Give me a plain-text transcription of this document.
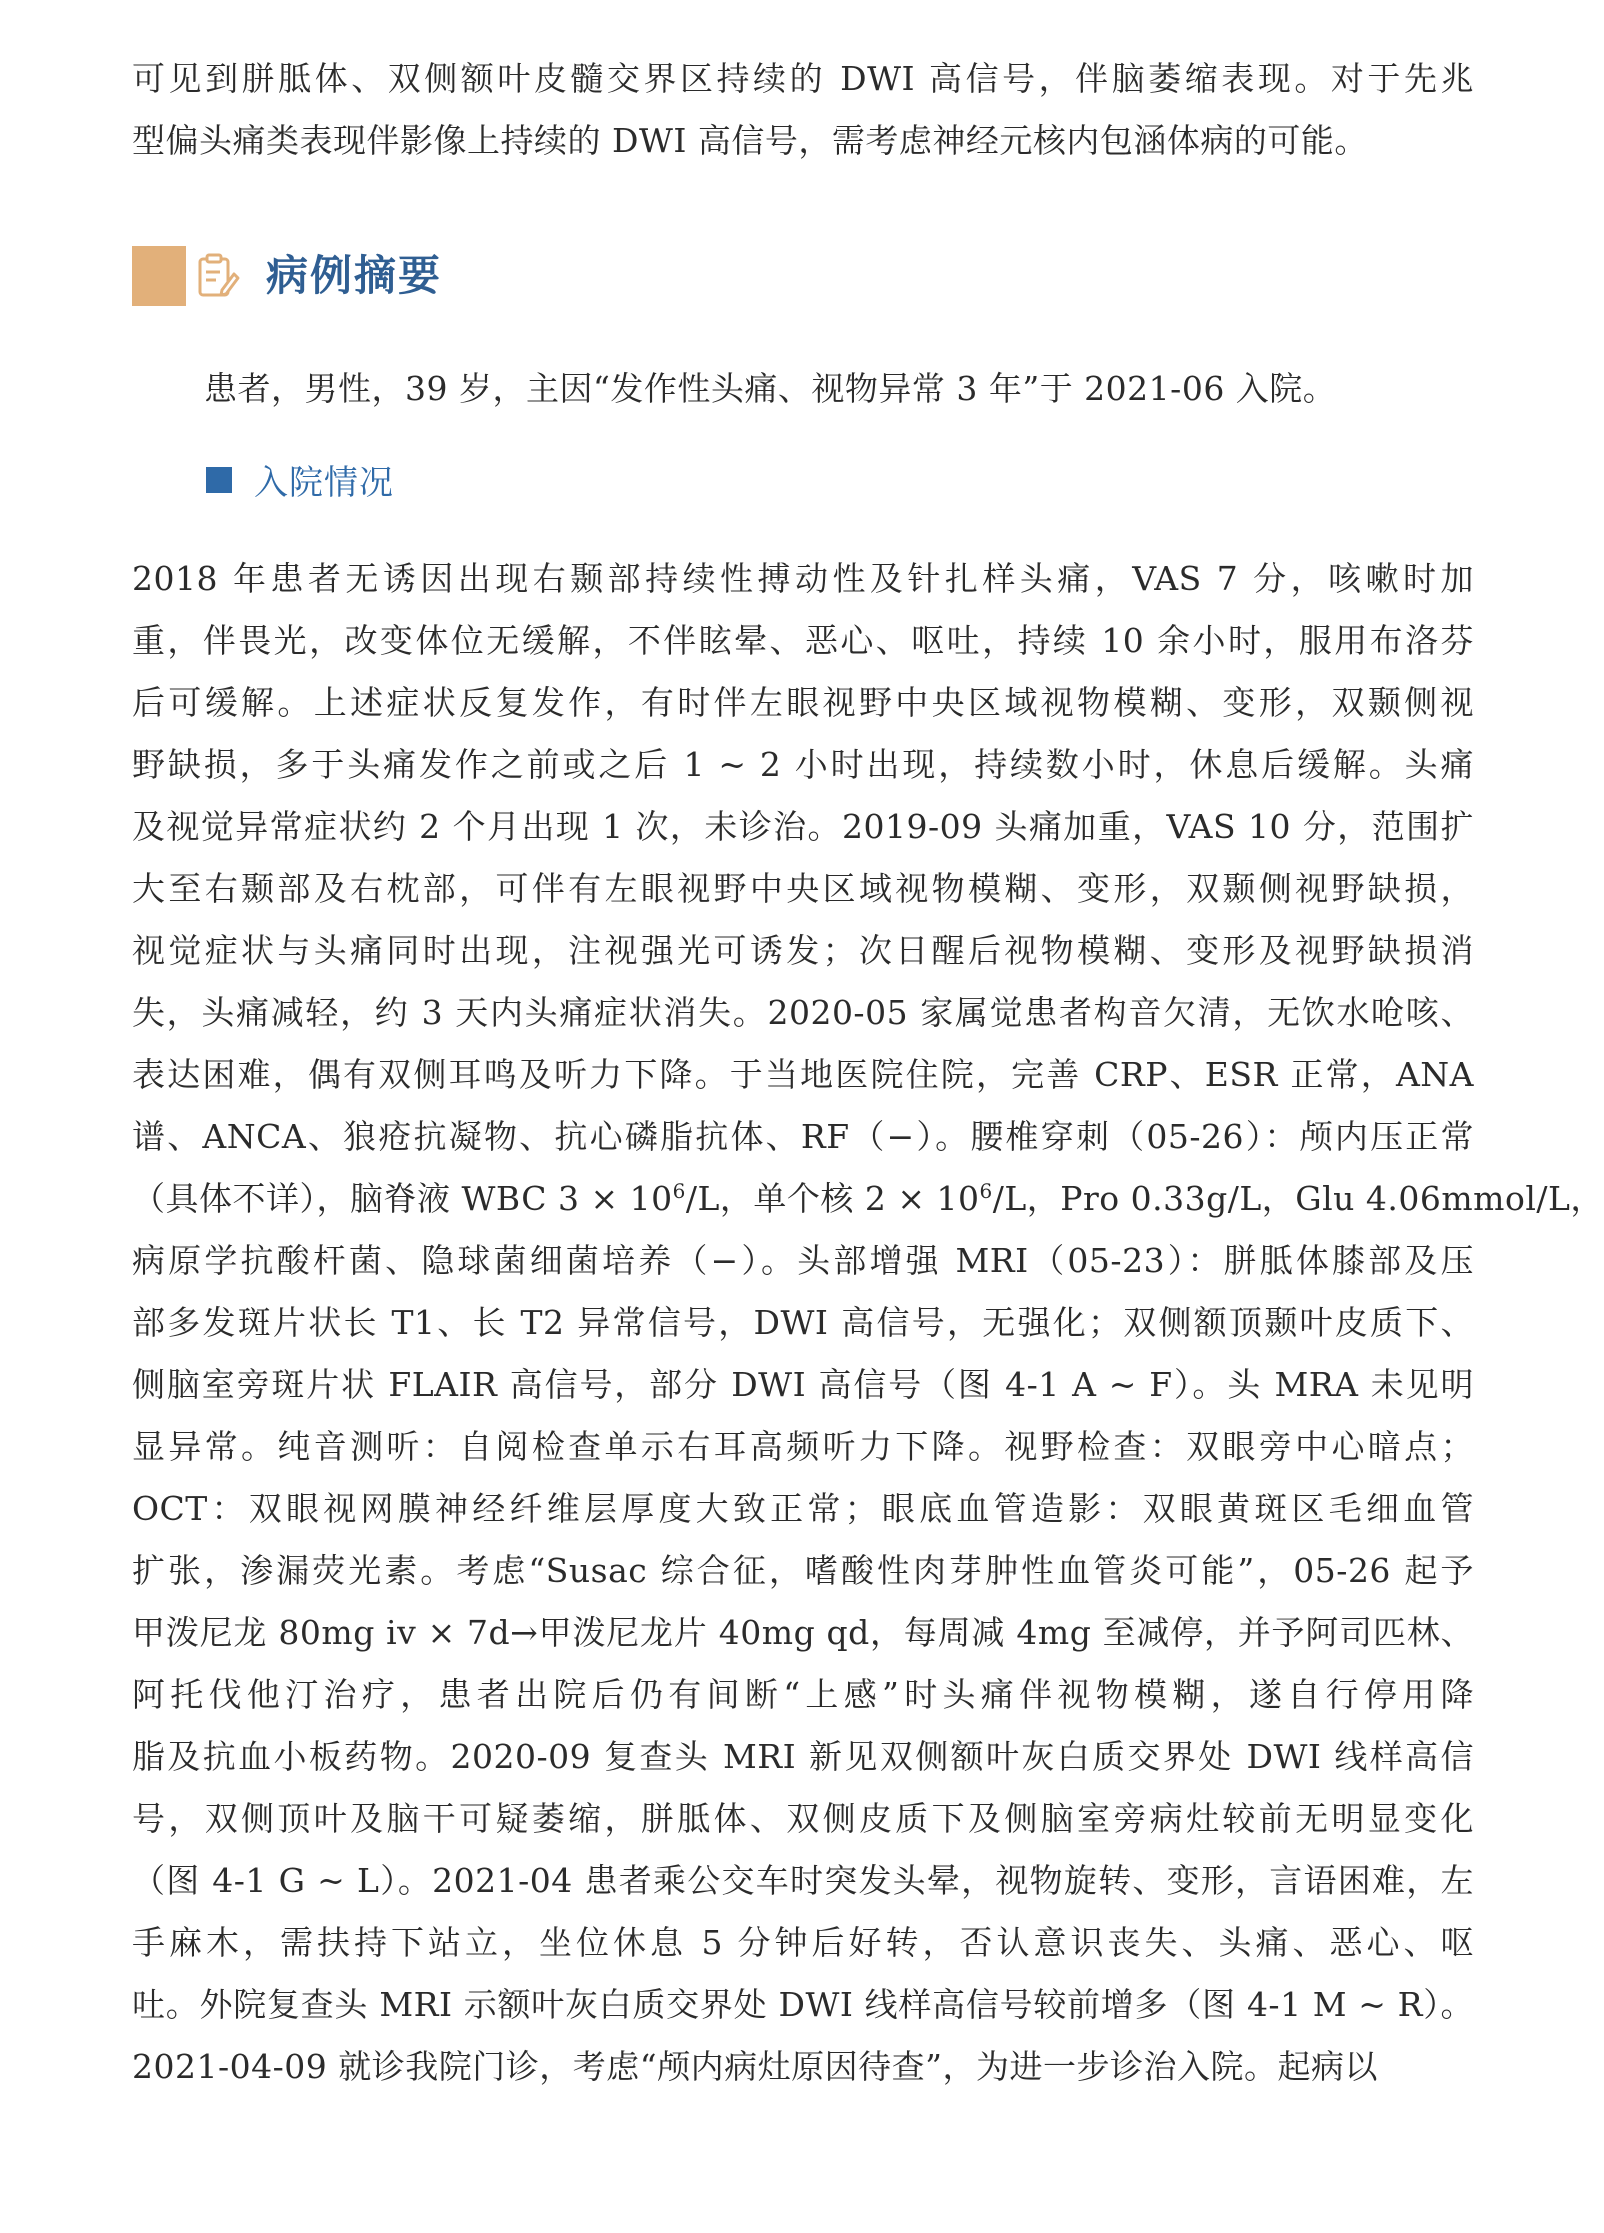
可见到胼胝体、双侧额叶皮髓交界区持续的 DWI 高信号，伴脑萎缩表现。对于先兆
型偏头痛类表现伴影像上持续的 DWI 高信号，需考虑神经元核内包涵体病的可能。
病例摘要

患者，男性，39 岁，主因“发作性头痛、视物异常 3 年”于 2021-06 入院。

入院情况
2018 年患者无诱因出现右颞部持续性搏动性及针扎样头痛，VAS 7 分，咳嗽时加
重，伴畏光，改变体位无缓解，不伴眩晕、恶心、呕吐，持续 10 余小时，服用布洛芬
后可缓解。上述症状反复发作，有时伴左眼视野中央区域视物模糊、变形，双颞侧视
野缺损，多于头痛发作之前或之后 1 ~ 2 小时出现，持续数小时，休息后缓解。头痛
及视觉异常症状约 2 个月出现 1 次，未诊治。2019-09 头痛加重，VAS 10 分，范围扩
大至右颞部及右枕部，可伴有左眼视野中央区域视物模糊、变形，双颞侧视野缺损，
视觉症状与头痛同时出现，注视强光可诱发；次日醒后视物模糊、变形及视野缺损消
失，头痛减轻，约 3 天内头痛症状消失。2020-05 家属觉患者构音欠清，无饮水呛咳、
表达困难，偶有双侧耳鸣及听力下降。于当地医院住院，完善 CRP、ESR 正常，ANA
谱、ANCA、狼疮抗凝物、抗心磷脂抗体、RF（−）。腰椎穿刺（05-26）：颅内压正常
（具体不详），脑脊液 WBC $3 \times 10^6/L$，单个核 $2 \times 10^6/L$，Pro 0.33g/L，Glu 4.06mmol/L，
病原学抗酸杆菌、隐球菌细菌培养（−）。头部增强 MRI（05-23）：胼胝体膝部及压
部多发斑片状长 T1、长 T2 异常信号，DWI 高信号，无强化；双侧额顶颞叶皮质下、
侧脑室旁斑片状 FLAIR 高信号，部分 DWI 高信号（图 4-1 A ~ F）。头 MRA 未见明
显异常。纯音测听：自阅检查单示右耳高频听力下降。视野检查：双眼旁中心暗点；
OCT：双眼视网膜神经纤维层厚度大致正常；眼底血管造影：双眼黄斑区毛细血管
扩张，渗漏荧光素。考虑“Susac 综合征，嗜酸性肉芽肿性血管炎可能”，05-26 起予
甲泼尼龙 80mg iv × 7d→甲泼尼龙片 40mg qd，每周减 4mg 至减停，并予阿司匹林、
阿托伐他汀治疗，患者出院后仍有间断“上感”时头痛伴视物模糊，遂自行停用降
脂及抗血小板药物。2020-09 复查头 MRI 新见双侧额叶灰白质交界处 DWI 线样高信
号，双侧顶叶及脑干可疑萎缩，胼胝体、双侧皮质下及侧脑室旁病灶较前无明显变化
（图 4-1 G ~ L）。2021-04 患者乘公交车时突发头晕，视物旋转、变形，言语困难，左
手麻木，需扶持下站立，坐位休息 5 分钟后好转，否认意识丧失、头痛、恶心、呕
吐。外院复查头 MRI 示额叶灰白质交界处 DWI 线样高信号较前增多（图 4-1 M ~ R）。
2021-04-09 就诊我院门诊，考虑“颅内病灶原因待查”，为进一步诊治入院。起病以
